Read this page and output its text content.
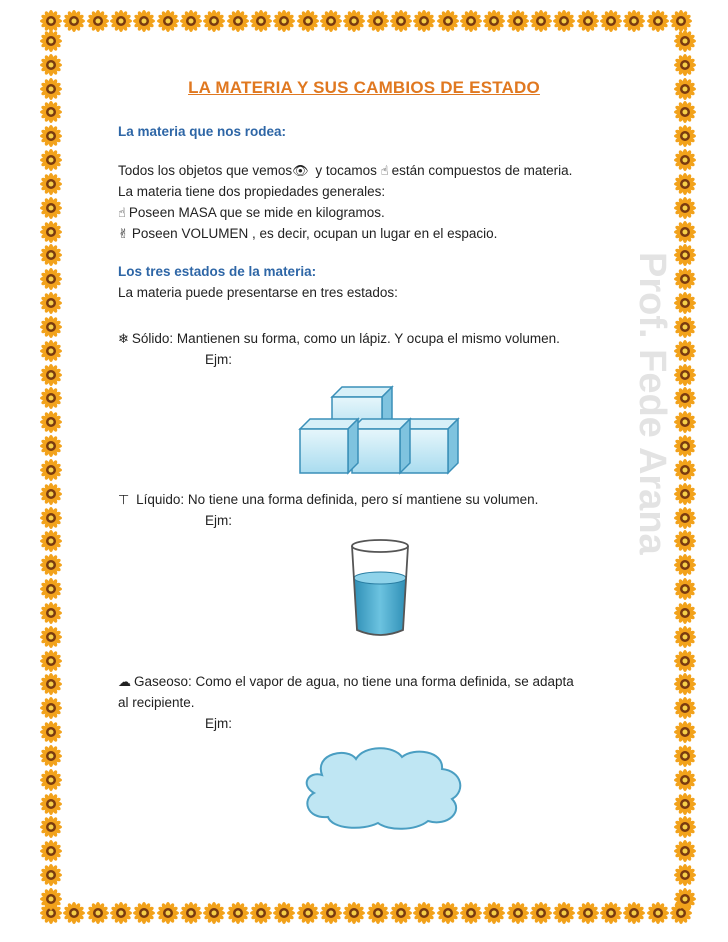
LA MATERIA Y SUS CAMBIOS DE ESTADO
La materia que nos rodea:
Todos los objetos que vemos👁 y tocamos ☝ están compuestos de materia.
La materia tiene dos propiedades generales:
☝ Poseen MASA que se mide en kilogramos.
✌ Poseen VOLUMEN , es decir, ocupan un lugar en el espacio.
Los tres estados de la materia:
La materia puede presentarse en tres estados:
❄ Sólido: Mantienen su forma, como un lápiz. Y ocupa el mismo volumen.
Ejm:
⊤ Líquido: No tiene una forma definida, pero sí mantiene su volumen.
Ejm:
☁ Gaseoso: Como el vapor de agua, no tiene una forma definida, se adapta
al recipiente.
Ejm:
Prof. Fede Arana
